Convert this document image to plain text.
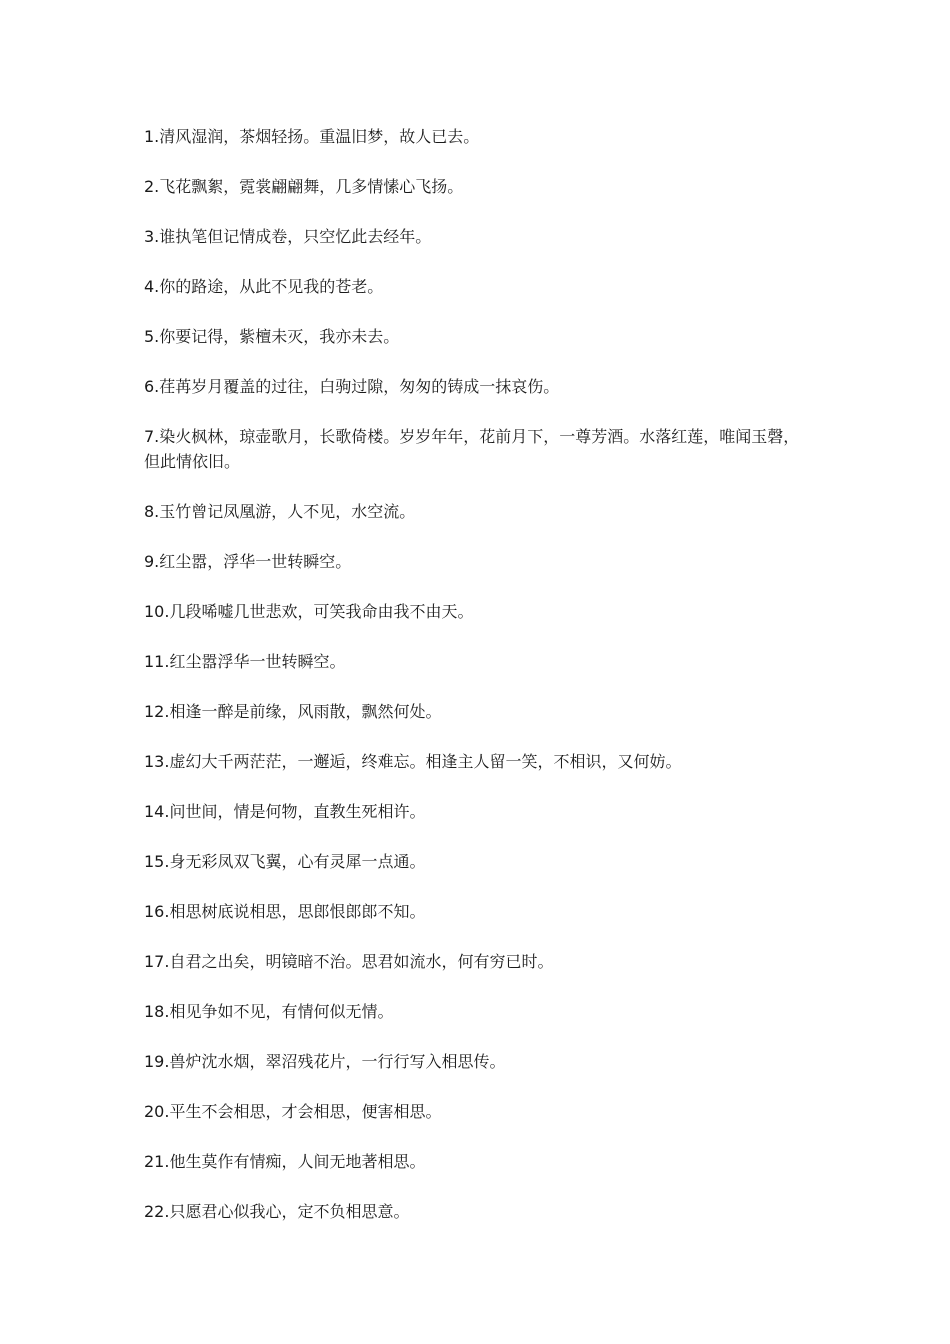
1.清风湿润，茶烟轻扬。重温旧梦，故人已去。

2.飞花飘絮，霓裳翩翩舞，几多情愫心飞扬。

3.谁执笔但记情成卷，只空忆此去经年。

4.你的路途，从此不见我的苍老。

5.你要记得，紫檀未灭，我亦未去。

6.荏苒岁月覆盖的过往，白驹过隙，匆匆的铸成一抹哀伤。

7.染火枫林，琼壶歌月，长歌倚楼。岁岁年年，花前月下，一尊芳酒。水落红莲，唯闻玉磬，但此情依旧。

8.玉竹曾记凤凰游，人不见，水空流。

9.红尘嚣，浮华一世转瞬空。

10.几段唏嘘几世悲欢，可笑我命由我不由天。

11.红尘嚣浮华一世转瞬空。

12.相逢一醉是前缘，风雨散，飘然何处。

13.虚幻大千两茫茫，一邂逅，终难忘。相逢主人留一笑，不相识，又何妨。

14.问世间，情是何物，直教生死相许。

15.身无彩凤双飞翼，心有灵犀一点通。

16.相思树底说相思，思郎恨郎郎不知。

17.自君之出矣，明镜暗不治。思君如流水，何有穷已时。

18.相见争如不见，有情何似无情。

19.兽炉沈水烟，翠沼残花片，一行行写入相思传。

20.平生不会相思，才会相思，便害相思。

21.他生莫作有情痴，人间无地著相思。

22.只愿君心似我心，定不负相思意。
